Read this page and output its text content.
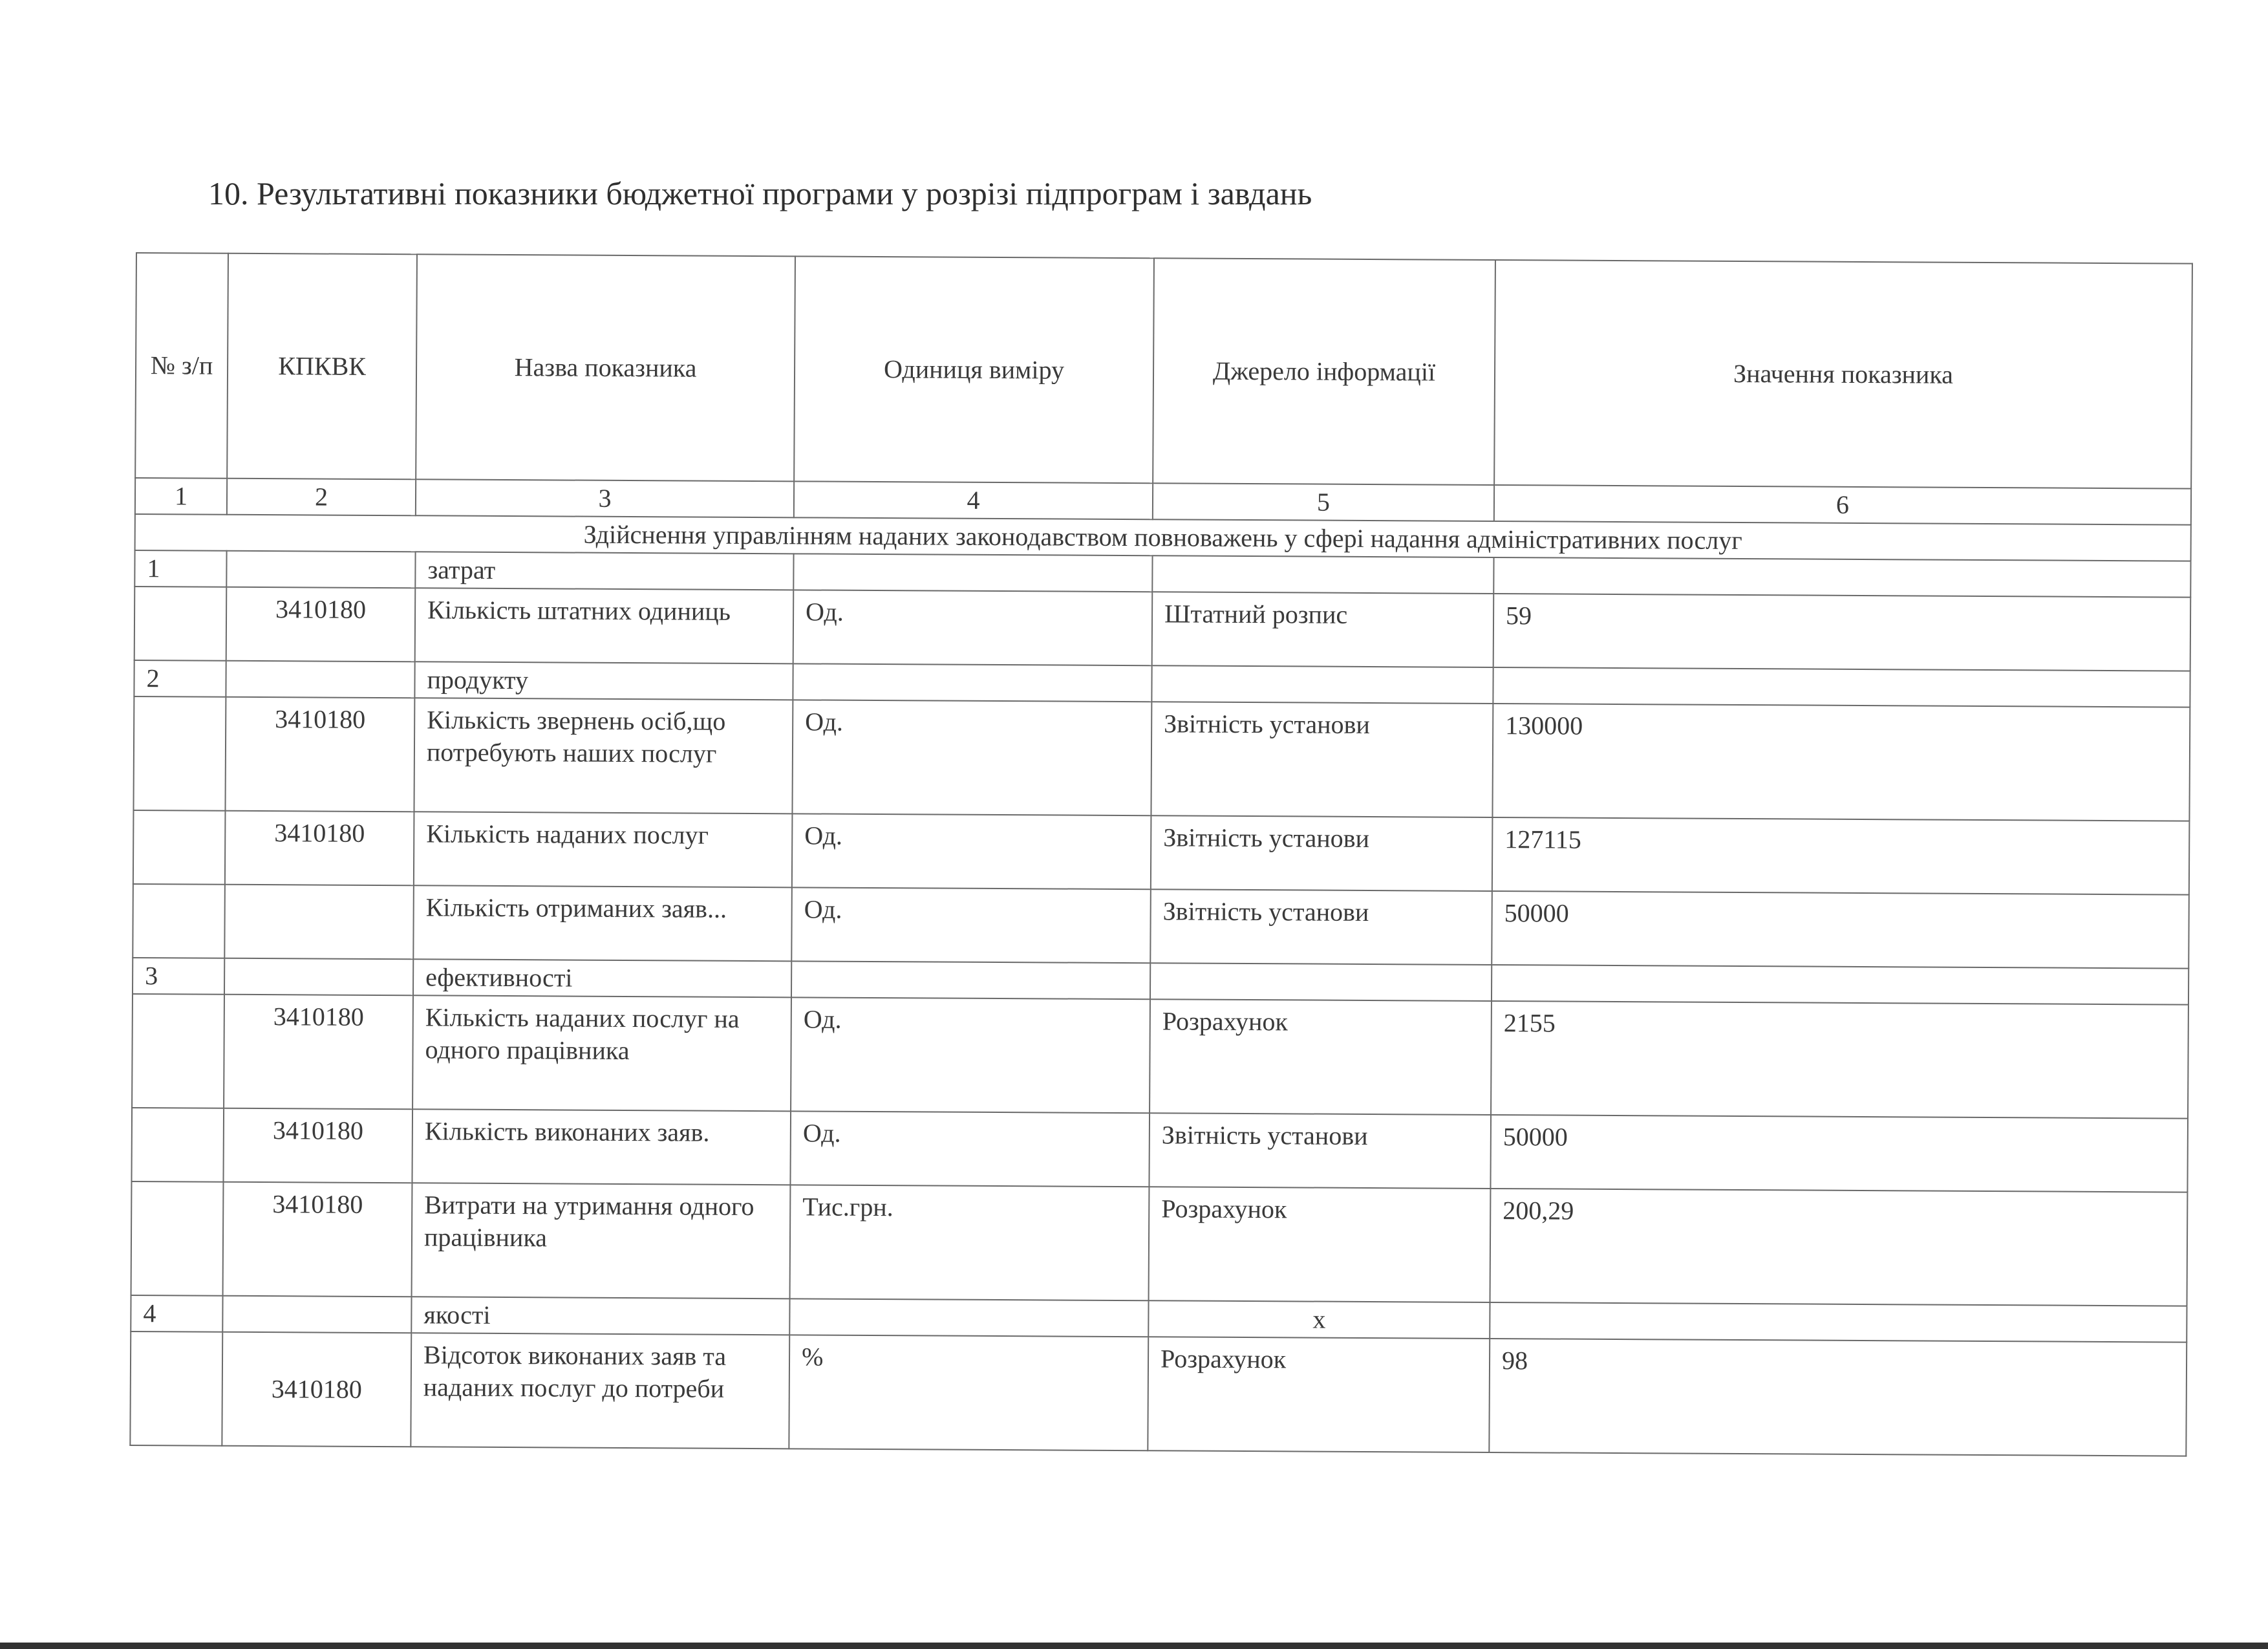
10. Результативні показники бюджетної програми у розрізі підпрограм і завдань
№ з/п	КПКВК	Назва показника	Одиниця виміру	Джерело інформації	Значення показника
1	2	3	4	5	6
Здійснення управлінням наданих законодавством повноважень у сфері надання адміністративних послуг					
1		затрат			
	3410180	Кількість штатних одиниць	Од.	Штатний розпис	59
2		продукту			
	3410180	Кількість звернень осіб,що потребують наших послуг	Од.	Звітність установи	130000
	3410180	Кількість наданих послуг	Од.	Звітність установи	127115
		Кількість отриманих заяв...	Од.	Звітність установи	50000
3		ефективності			
	3410180	Кількість наданих послуг на одного працівника	Од.	Розрахунок	2155
	3410180	Кількість виконаних заяв.	Од.	Звітність установи	50000
	3410180	Витрати на утримання одного працівника	Тис.грн.	Розрахунок	200,29
4		якості		х	
	3410180	Відсоток виконаних заяв та наданих послуг до потреби	%	Розрахунок	98
